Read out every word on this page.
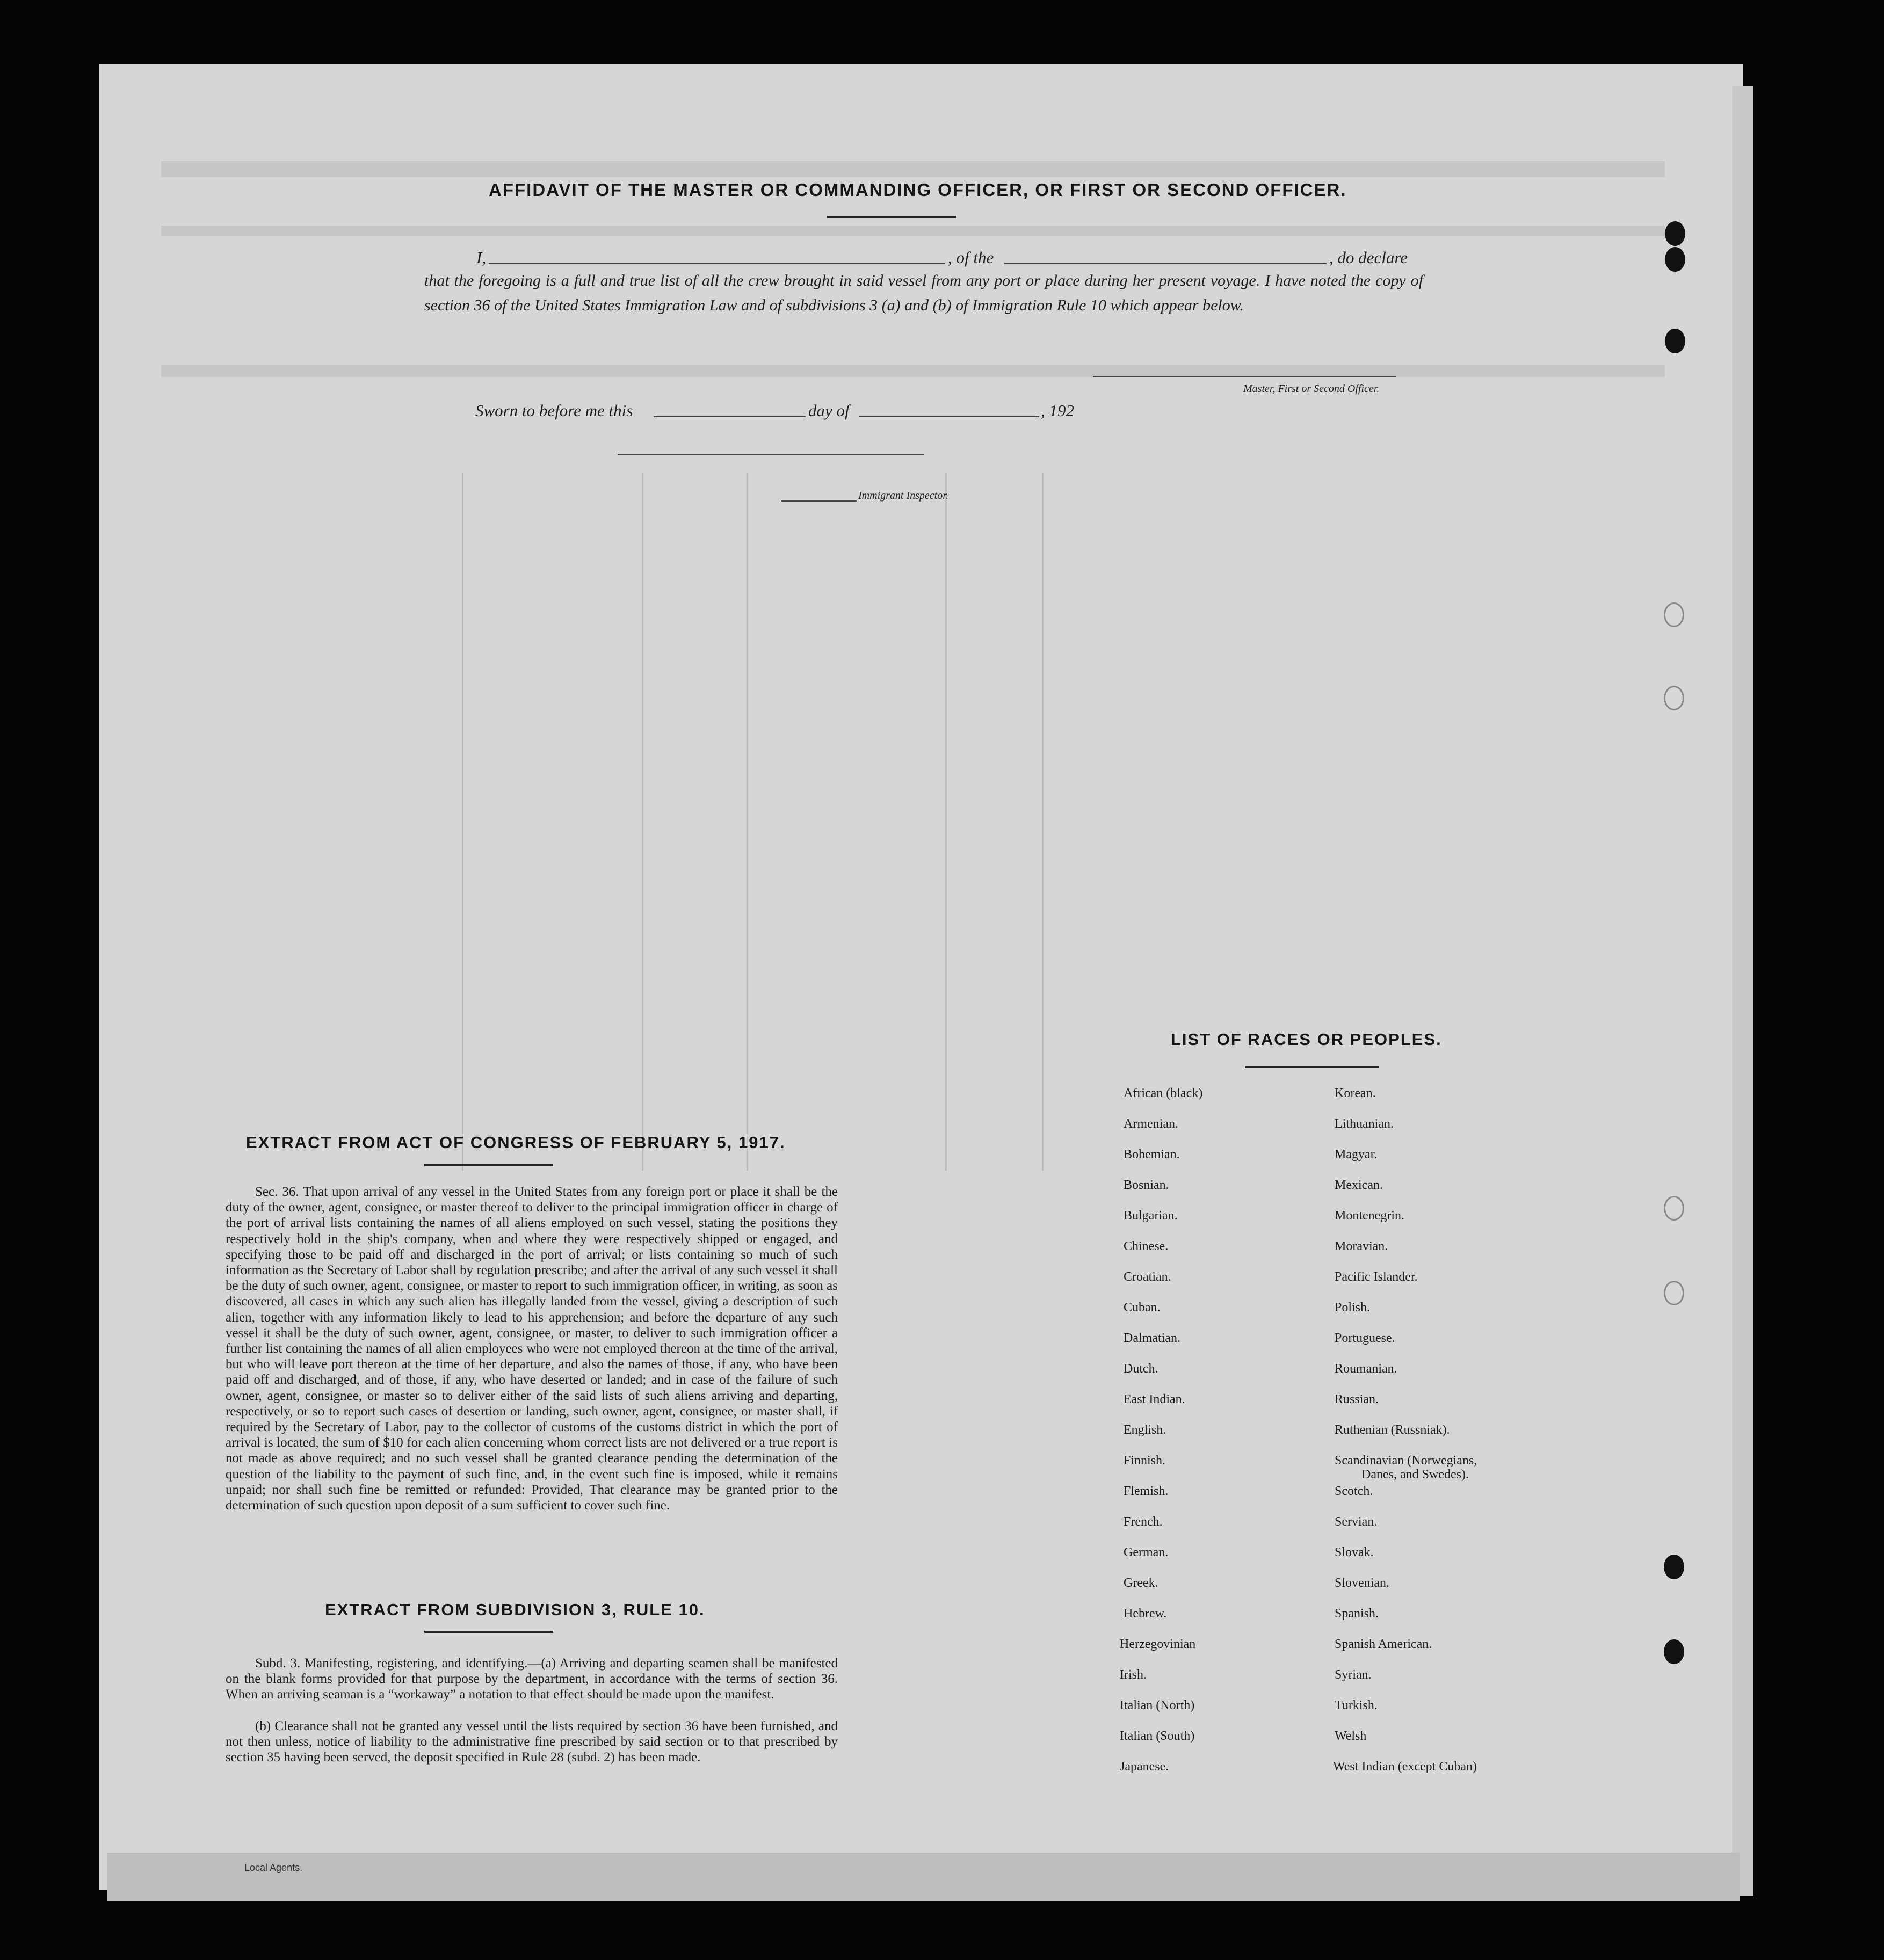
AFFIDAVIT OF THE MASTER OR COMMANDING OFFICER, OR FIRST OR SECOND OFFICER.
I,	, of the	, do declare
that the foregoing is a full and true list of all the crew brought in said vessel from any port or place during her present voyage. I have noted the copy of section 36 of the United States Immigration Law and of subdivisions 3 (a) and (b) of Immigration Rule 10 which appear below.
Master, First or Second Officer.
Sworn to before me this	day of	, 192
Immigrant Inspector.
EXTRACT FROM ACT OF CONGRESS OF FEBRUARY 5, 1917.
Sec. 36. That upon arrival of any vessel in the United States from any foreign port or place it shall be the duty of the owner, agent, consignee, or master thereof to deliver to the principal immigration officer in charge of the port of arrival lists containing the names of all aliens employed on such vessel, stating the positions they respectively hold in the ship's company, when and where they were respectively shipped or engaged, and specifying those to be paid off and discharged in the port of arrival; or lists containing so much of such information as the Secretary of Labor shall by regulation prescribe; and after the arrival of any such vessel it shall be the duty of such owner, agent, consignee, or master to report to such immigration officer, in writing, as soon as discovered, all cases in which any such alien has illegally landed from the vessel, giving a description of such alien, together with any information likely to lead to his apprehension; and before the departure of any such vessel it shall be the duty of such owner, agent, consignee, or master, to deliver to such immigration officer a further list containing the names of all alien employees who were not employed thereon at the time of the arrival, but who will leave port thereon at the time of her departure, and also the names of those, if any, who have been paid off and discharged, and of those, if any, who have deserted or landed; and in case of the failure of such owner, agent, consignee, or master so to deliver either of the said lists of such aliens arriving and departing, respectively, or so to report such cases of desertion or landing, such owner, agent, consignee, or master shall, if required by the Secretary of Labor, pay to the collector of customs of the customs district in which the port of arrival is located, the sum of $10 for each alien concerning whom correct lists are not delivered or a true report is not made as above required; and no such vessel shall be granted clearance pending the determination of the question of the liability to the payment of such fine, and, in the event such fine is imposed, while it remains unpaid; nor shall such fine be remitted or refunded: Provided, That clearance may be granted prior to the determination of such question upon deposit of a sum sufficient to cover such fine.
EXTRACT FROM SUBDIVISION 3, RULE 10.
Subd. 3. Manifesting, registering, and identifying.—(a) Arriving and departing seamen shall be manifested on the blank forms provided for that purpose by the department, in accordance with the terms of section 36. When an arriving seaman is a “workaway” a notation to that effect should be made upon the manifest.
(b) Clearance shall not be granted any vessel until the lists required by section 36 have been furnished, and not then unless, notice of liability to the administrative fine prescribed by said section or to that prescribed by section 35 having been served, the deposit specified in Rule 28 (subd. 2) has been made.
LIST OF RACES OR PEOPLES.
African (black)
Armenian.
Bohemian.
Bosnian.
Bulgarian.
Chinese.
Croatian.
Cuban.
Dalmatian.
Dutch.
East Indian.
English.
Finnish.
Flemish.
French.
German.
Greek.
Hebrew.
Herzegovinian
Irish.
Italian (North)
Italian (South)
Japanese.
Korean.
Lithuanian.
Magyar.
Mexican.
Montenegrin.
Moravian.
Pacific Islander.
Polish.
Portuguese.
Roumanian.
Russian.
Ruthenian (Russniak).
Scandinavian (Norwegians,
Danes, and Swedes).
Scotch.
Servian.
Slovak.
Slovenian.
Spanish.
Spanish American.
Syrian.
Turkish.
Welsh
West Indian (except Cuban)
Local Agents.
